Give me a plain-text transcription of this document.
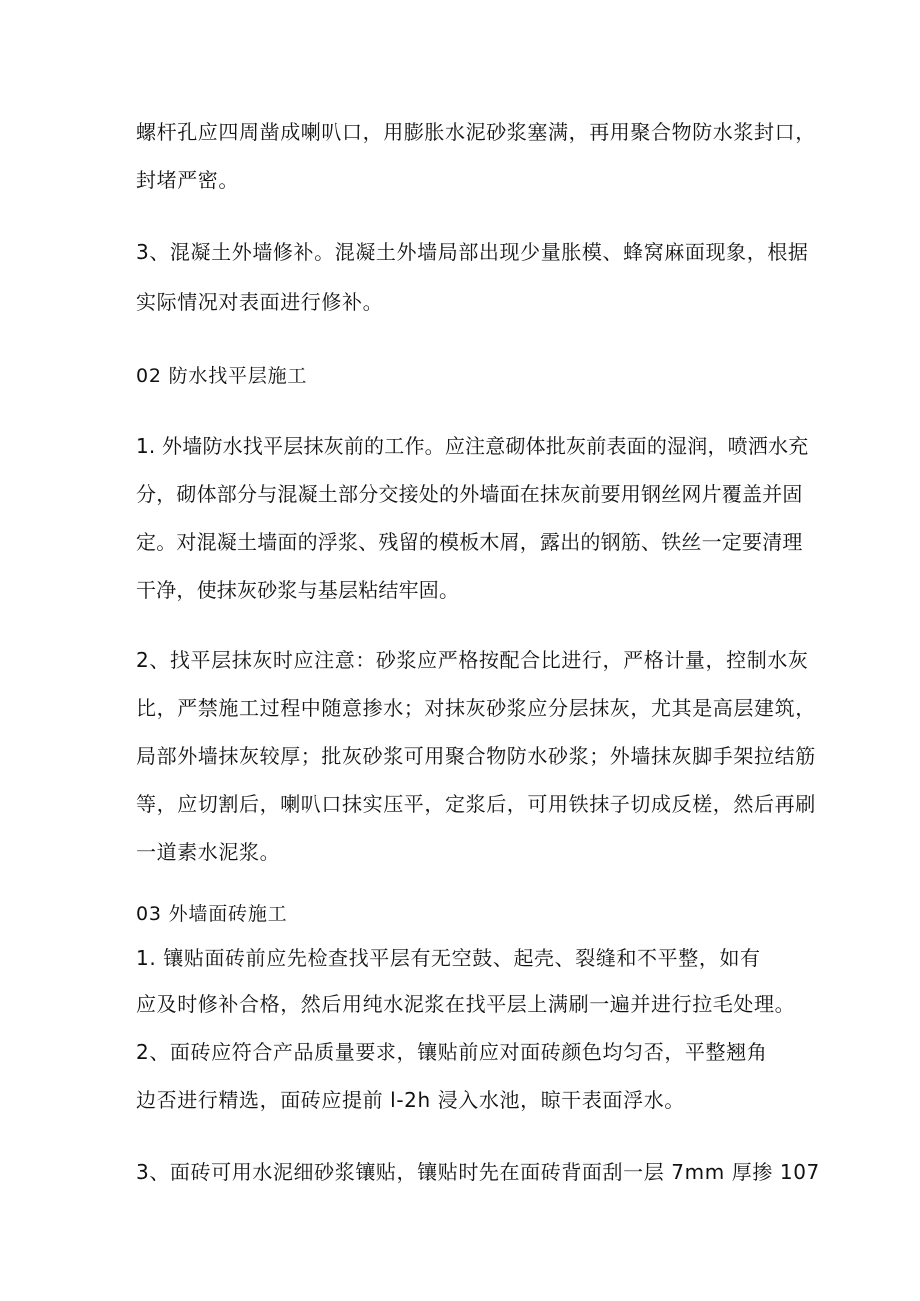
螺杆孔应四周凿成喇叭口，用膨胀水泥砂浆塞满，再用聚合物防水浆封口，
封堵严密。
3、混凝土外墙修补。混凝土外墙局部出现少量胀模、蜂窝麻面现象，根据
实际情况对表面进行修补。
02 防水找平层施工
1. 外墙防水找平层抹灰前的工作。应注意砌体批灰前表面的湿润，喷洒水充
分，砌体部分与混凝土部分交接处的外墙面在抹灰前要用钢丝网片覆盖并固
定。对混凝土墙面的浮浆、残留的模板木屑，露出的钢筋、铁丝一定要清理
干净，使抹灰砂浆与基层粘结牢固。
2、找平层抹灰时应注意：砂浆应严格按配合比进行，严格计量，控制水灰
比，严禁施工过程中随意掺水；对抹灰砂浆应分层抹灰，尤其是高层建筑，
局部外墙抹灰较厚；批灰砂浆可用聚合物防水砂浆；外墙抹灰脚手架拉结筋
等，应切割后，喇叭口抹实压平，定浆后，可用铁抹子切成反槎，然后再刷
一道素水泥浆。
03 外墙面砖施工
1. 镶贴面砖前应先检查找平层有无空鼓、起壳、裂缝和不平整，如有
应及时修补合格，然后用纯水泥浆在找平层上满刷一遍并进行拉毛处理。
2、面砖应符合产品质量要求，镶贴前应对面砖颜色均匀否，平整翘角
边否进行精选，面砖应提前 l-2h 浸入水池，晾干表面浮水。
3、面砖可用水泥细砂浆镶贴，镶贴时先在面砖背面刮一层 7mm 厚掺 107
